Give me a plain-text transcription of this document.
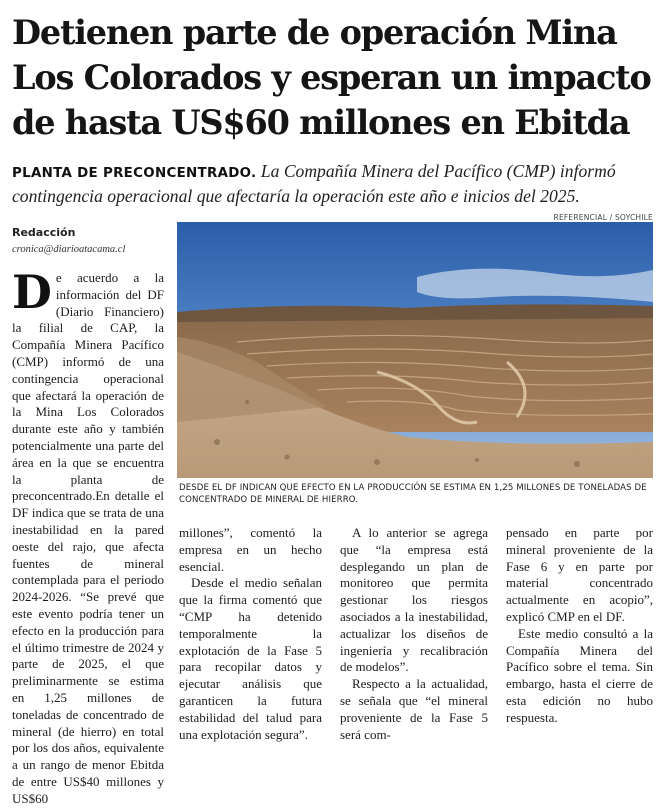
Detienen parte de operación Mina Los Colorados y esperan un impacto de hasta US$60 millones en Ebitda
PLANTA DE PRECONCENTRADO. La Compañía Minera del Pacífico (CMP) informó contingencia operacional que afectaría la operación este año e inicios del 2025.
REFERENCIAL / SOYCHILE
DESDE EL DF INDICAN QUE EFECTO EN LA PRODUCCIÓN SE ESTIMA EN 1,25 MILLONES DE TONELADAS DE CONCENTRADO DE MINERAL DE HIERRO.
Redacción
cronica@diarioatacama.cl
D e acuerdo a la información del DF (Diario Financiero) la filial de CAP, la Compañía Minera Pacífico (CMP) informó de una contingencia operacional que afectará la operación de la Mina Los Colorados durante este año y también potencialmente una parte del área en la que se encuentra la planta de preconcentrado.En detalle el DF indica que se trata de una inestabilidad en la pared oeste del rajo, que afecta fuentes de mineral contemplada para el periodo 2024-2026. “Se prevé que este evento podría tener un efecto en la producción para el último trimestre de 2024 y parte de 2025, el que preliminarmente se estima en 1,25 millones de toneladas de concentrado de mineral (de hierro) en total por los dos años, equivalente a un rango de menor Ebitda de entre US$40 millones y US$60

millones”, comentó la empresa en un hecho esencial.

Desde el medio señalan que la firma comentó que “CMP ha detenido temporalmente la explotación de la Fase 5 para recopilar datos y ejecutar análisis que garanticen la futura estabilidad del talud para una explotación segura”.

A lo anterior se agrega que “la empresa está desplegando un plan de monitoreo que permita gestionar los riesgos asociados a la inestabilidad, actualizar los diseños de ingeniería y recalibración de modelos”.

Respecto a la actualidad, se señala que “el mineral proveniente de la Fase 5 será com-

pensado en parte por mineral proveniente de la Fase 6 y en parte por material concentrado actualmente en acopio”, explicó CMP en el DF.

Este medio consultó a la Compañía Minera del Pacífico sobre el tema. Sin embargo, hasta el cierre de esta edición no hubo respuesta.
